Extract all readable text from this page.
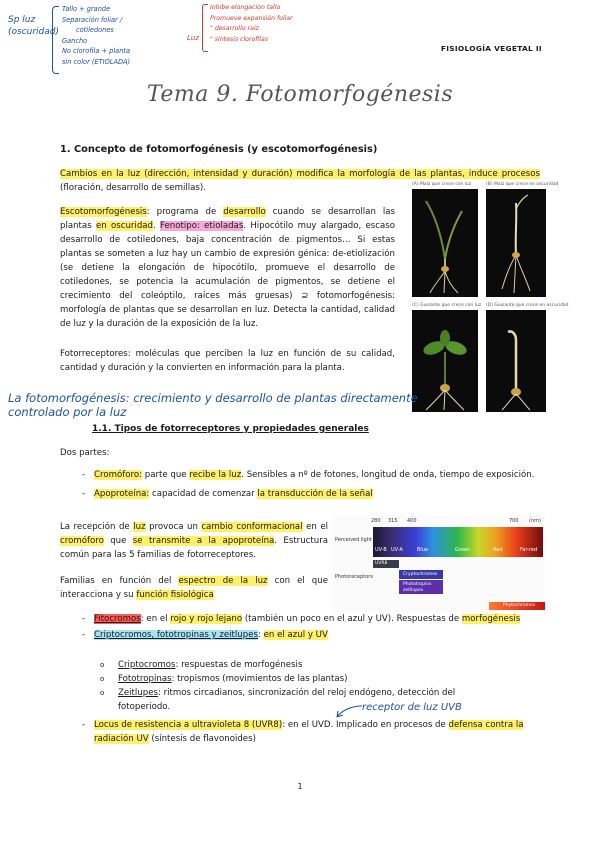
Sp luz
(oscuridad)
Tallo + grande
Separación foliar /
cotiledones
Gancho
No clorofila + planta
sin color (ETIOLADA)
Luz
Inhibe elongación tallo
Promueve expansión foliar
" desarrollo raíz
" síntesis clorofilas
FISIOLOGÍA VEGETAL II
Tema 9. Fotomorfogénesis
1. Concepto de fotomorfogénesis (y escotomorfogénesis)
Cambios en la luz (dirección, intensidad y duración) modifica la morfología de las plantas, induce procesos (floración, desarrollo de semillas).
Escotomorfogénesis: programa de desarrollo cuando se desarrollan las plantas en oscuridad. Fenotipo: etioladas. Hipocótilo muy alargado, escaso desarrollo de cotiledones, baja concentración de pigmentos… Si estas plantas se someten a luz hay un cambio de expresión génica: de-etiolización (se detiene la elongación de hipocótilo, promueve el desarrollo de cotiledones, se potencia la acumulación de pigmentos, se detiene el crecimiento del coleóptilo, raíces más gruesas) ⊇ fotomorfogénesis: morfología de plantas que se desarrollan en luz. Detecta la cantidad, calidad de luz y la duración de la exposición de la luz.
Fotorreceptores: moléculas que perciben la luz en función de su calidad, cantidad y duración y la convierten en información para la planta.
(A) Maíz que crece con luz	(B) Maíz que crece en oscuridad
(C) Guisante que crece con luz (D) Guisante que crece en oscuridad
La fotomorfogénesis: crecimiento y desarrollo de plantas directamente controlado por la luz
1.1. Tipos de fotorreceptores y propiedades generales
Dos partes:
- Cromóforo: parte que recibe la luz. Sensibles a nº de fotones, longitud de onda, tiempo de exposición.
- Apoproteína: capacidad de comenzar la transducción de la señal
La recepción de luz provoca un cambio conformacional en el cromóforo que se transmite a la apoproteína. Estructura común para las 5 familias de fotorreceptores.
Familias en función del espectro de la luz con el que interacciona y su función fisiológica
280 315 400	700 (nm)
Perceived light
UV-B UV-A	Blue	Green	Red	Far-red
Photoreceptors
UVR8
Cryptochromes
Phototropins zeitlupes
Phytochromes
- Fitocromos: en el rojo y rojo lejano (también un poco en el azul y UV). Respuestas de morfogénesis
- Criptocromos, fototropinas y zeitlupes: en el azul y UV
o Criptocromos: respuestas de morfogénesis
o Fototropinas: tropismos (movimientos de las plantas)
o Zeitlupes: ritmos circadianos, sincronización del reloj endógeno, detección del fotoperiodo.	receptor de luz UVB
- Locus de resistencia a ultravioleta 8 (UVR8): en el UVD. Implicado en procesos de defensa contra la radiación UV (síntesis de flavonoides)
1
